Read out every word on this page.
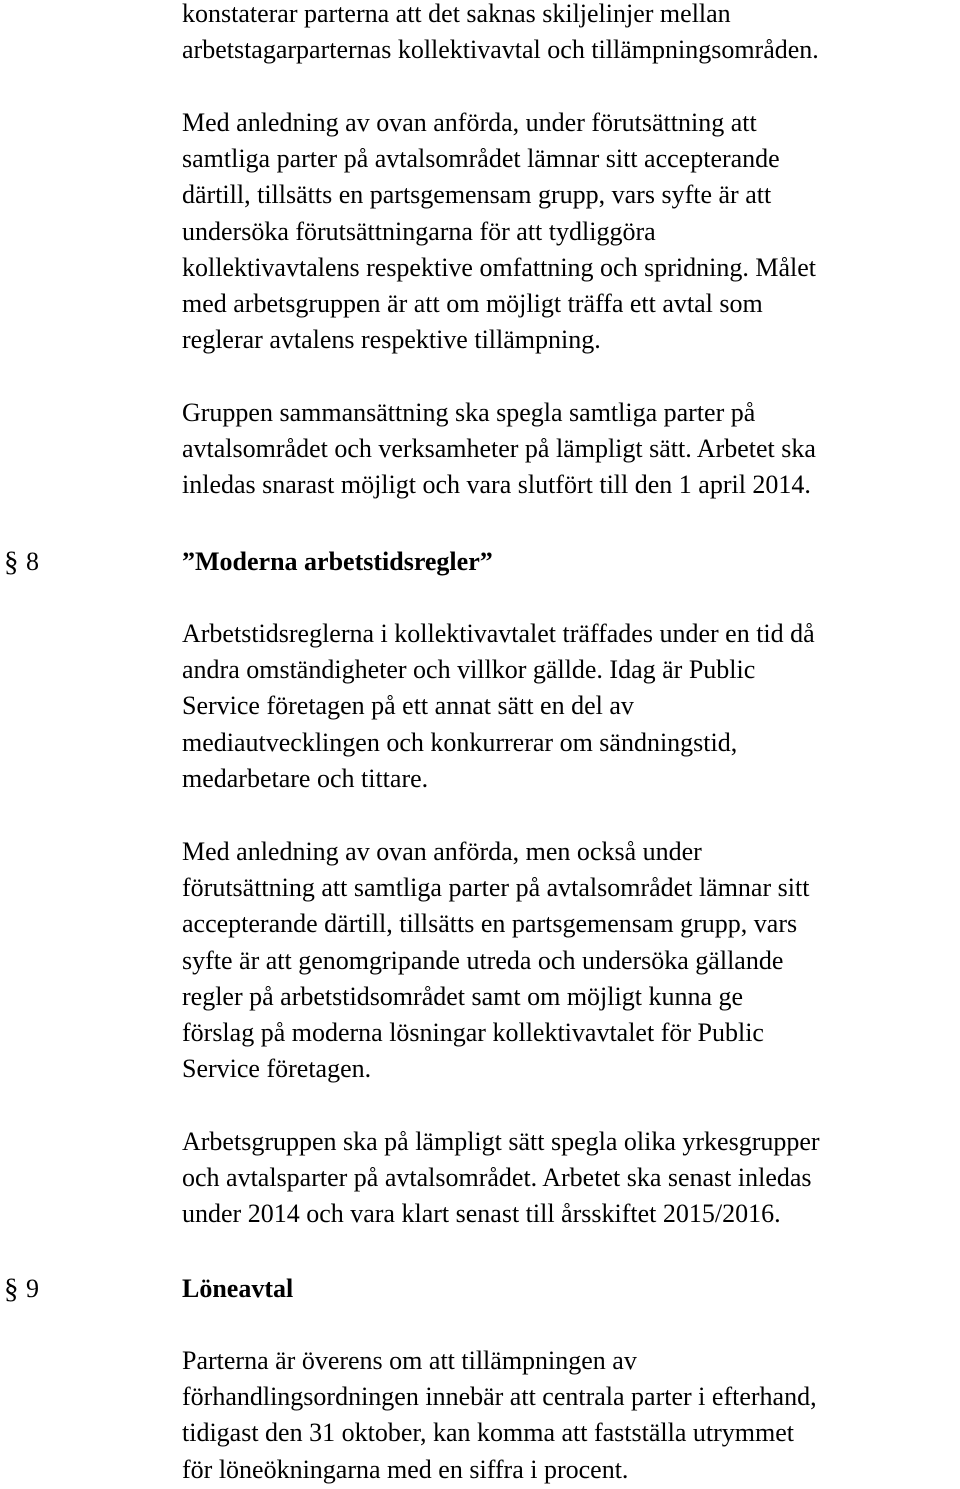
konstaterar parterna att det saknas skiljelinjer mellan
arbetstagarparternas kollektivavtal och tillämpningsområden.

Med anledning av ovan anförda, under förutsättning att
samtliga parter på avtalsområdet lämnar sitt accepterande
därtill, tillsätts en partsgemensam grupp, vars syfte är att
undersöka förutsättningarna för att tydliggöra
kollektivavtalens respektive omfattning och spridning. Målet
med arbetsgruppen är att om möjligt träffa ett avtal som
reglerar avtalens respektive tillämpning.

Gruppen sammansättning ska spegla samtliga parter på
avtalsområdet och verksamheter på lämpligt sätt. Arbetet ska
inledas snarast möjligt och vara slutfört till den 1 april 2014.

§ 8	”Moderna arbetstidsregler”

Arbetstidsreglerna i kollektivavtalet träffades under en tid då
andra omständigheter och villkor gällde. Idag är Public
Service företagen på ett annat sätt en del av
mediautvecklingen och konkurrerar om sändningstid,
medarbetare och tittare.

Med anledning av ovan anförda, men också under
förutsättning att samtliga parter på avtalsområdet lämnar sitt
accepterande därtill, tillsätts en partsgemensam grupp, vars
syfte är att genomgripande utreda och undersöka gällande
regler på arbetstidsområdet samt om möjligt kunna ge
förslag på moderna lösningar kollektivavtalet för Public
Service företagen.

Arbetsgruppen ska på lämpligt sätt spegla olika yrkesgrupper
och avtalsparter på avtalsområdet. Arbetet ska senast inledas
under 2014 och vara klart senast till årsskiftet 2015/2016.

§ 9	Löneavtal

Parterna är överens om att tillämpningen av
förhandlingsordningen innebär att centrala parter i efterhand,
tidigast den 31 oktober, kan komma att fastställa utrymmet
för löneökningarna med en siffra i procent.
